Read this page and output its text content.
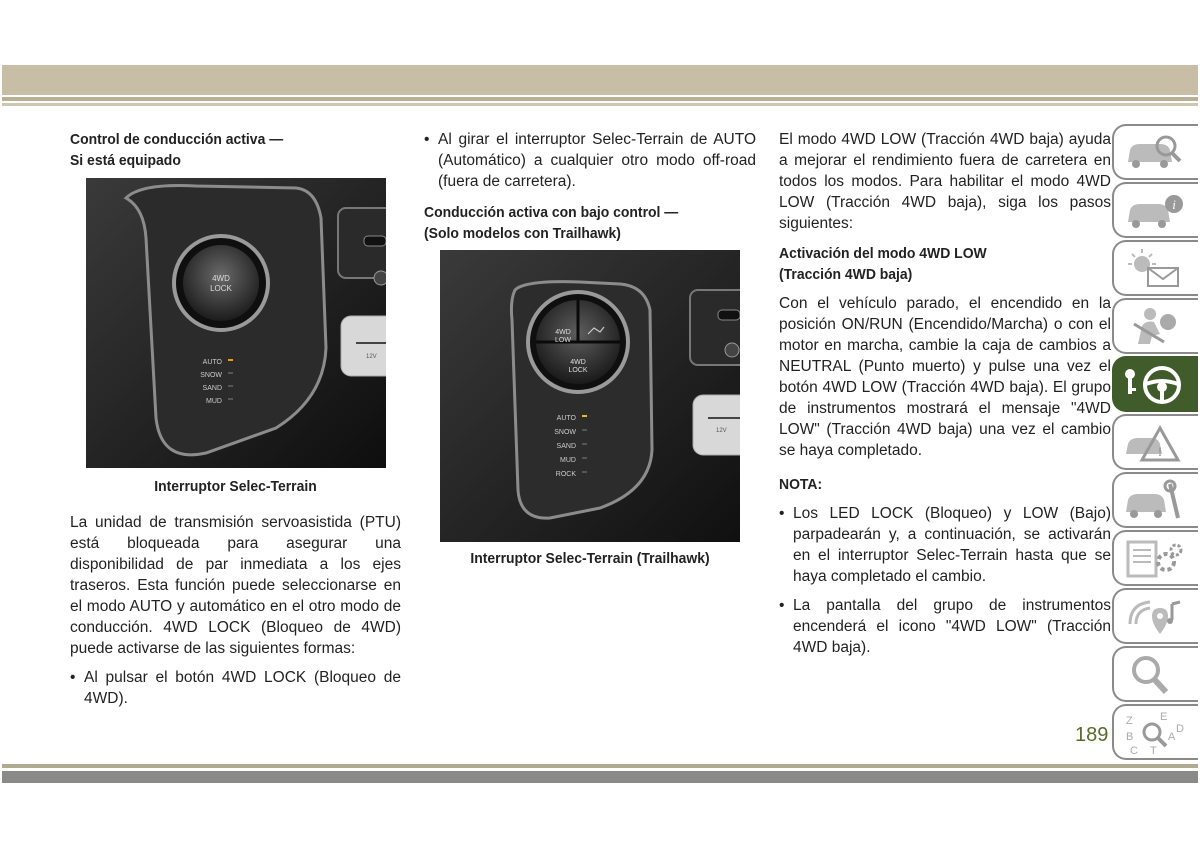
Control de conducción activa —
Si está equipado
4WD
LOCK
AUTO
SNOW
SAND
MUD
12V
Interruptor Selec-Terrain

La unidad de transmisión servoasistida (PTU) está bloqueada para asegurar una disponibilidad de par inmediata a los ejes traseros. Esta función puede seleccionarse en el modo AUTO y automático en el otro modo de conducción. 4WD LOCK (Bloqueo de 4WD) puede activarse de las siguientes formas:

• Al pulsar el botón 4WD LOCK (Bloqueo de 4WD).
• Al girar el interruptor Selec-Terrain de AUTO (Automático) a cualquier otro modo off-road (fuera de carretera).
Conducción activa con bajo control —
(Solo modelos con Trailhawk)
4WD
LOW
4WD
LOCK
AUTO
SNOW
SAND
MUD
ROCK
12V
Interruptor Selec-Terrain (Trailhawk)

El modo 4WD LOW (Tracción 4WD baja) ayuda a mejorar el rendimiento fuera de carretera en todos los modos. Para habilitar el modo 4WD LOW (Tracción 4WD baja), siga los pasos siguientes:

Activación del modo 4WD LOW
(Tracción 4WD baja)

Con el vehículo parado, el encendido en la posición ON/RUN (Encendido/Marcha) o con el motor en marcha, cambie la caja de cambios a NEUTRAL (Punto muerto) y pulse una vez el botón 4WD LOW (Tracción 4WD baja). El grupo de instrumentos mostrará el mensaje "4WD LOW" (Tracción 4WD baja) una vez el cambio se haya completado.

NOTA:
• Los LED LOCK (Bloqueo) y LOW (Bajo) parpadearán y, a continuación, se activarán en el interruptor Selec-Terrain hasta que se haya completado el cambio.
• La pantalla del grupo de instrumentos encenderá el icono "4WD LOW" (Tracción 4WD baja).
i
!
Z E
B	A
C T
D
189
